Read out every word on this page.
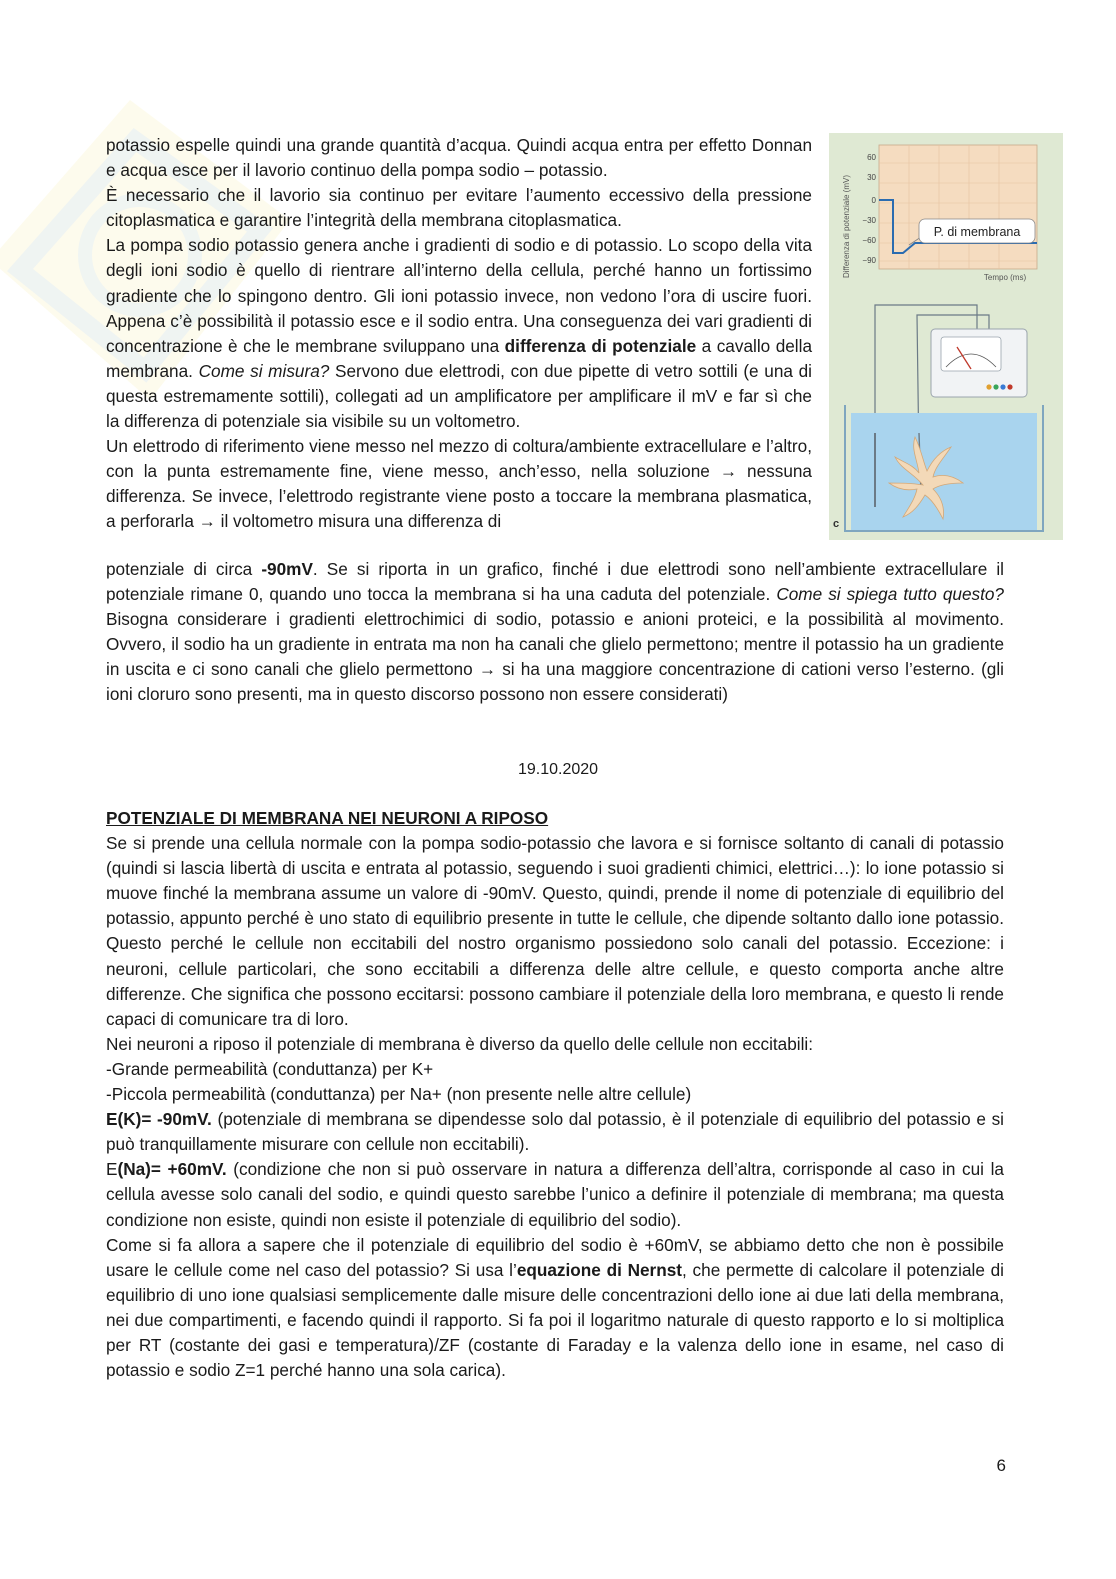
potassio espelle quindi una grande quantità d’acqua. Quindi acqua entra per effetto Donnan e acqua esce per il lavorio continuo della pompa sodio – potassio.

È necessario che il lavorio sia continuo per evitare l’aumento eccessivo della pressione citoplasmatica e garantire l’integrità della membrana citoplasmatica.

La pompa sodio potassio genera anche i gradienti di sodio e di potassio. Lo scopo della vita degli ioni sodio è quello di rientrare all’interno della cellula, perché hanno un fortissimo gradiente che lo spingono dentro. Gli ioni potassio invece, non vedono l’ora di uscire fuori. Appena c’è possibilità il potassio esce e il sodio entra. Una conseguenza dei vari gradienti di concentrazione è che le membrane sviluppano una differenza di potenziale a cavallo della membrana. Come si misura? Servono due elettrodi, con due pipette di vetro sottili (e una di questa estremamente sottili), collegati ad un amplificatore per amplificare il mV e far sì che la differenza di potenziale sia visibile su un voltometro.

Un elettrodo di riferimento viene messo nel mezzo di coltura/ambiente extracellulare e l’altro, con la punta estremamente fine, viene messo, anch’esso, nella soluzione → nessuna differenza. Se invece, l’elettrodo registrante viene posto a toccare la membrana plasmatica, a perforarla → il voltometro misura una differenza di

potenziale di circa -90mV. Se si riporta in un grafico, finché i due elettrodi sono nell’ambiente extracellulare il potenziale rimane 0, quando uno tocca la membrana si ha una caduta del potenziale. Come si spiega tutto questo? Bisogna considerare i gradienti elettrochimici di sodio, potassio e anioni proteici, e la possibilità al movimento. Ovvero, il sodio ha un gradiente in entrata ma non ha canali che glielo permettono; mentre il potassio ha un gradiente in uscita e ci sono canali che glielo permettono → si ha una maggiore concentrazione di cationi verso l’esterno. (gli ioni cloruro sono presenti, ma in questo discorso possono non essere considerati)

19.10.2020

POTENZIALE DI MEMBRANA NEI NEURONI A RIPOSO

Se si prende una cellula normale con la pompa sodio-potassio che lavora e si fornisce soltanto di canali di potassio (quindi si lascia libertà di uscita e entrata al potassio, seguendo i suoi gradienti chimici, elettrici…): lo ione potassio si muove finché la membrana assume un valore di -90mV. Questo, quindi, prende il nome di potenziale di equilibrio del potassio, appunto perché è uno stato di equilibrio presente in tutte le cellule, che dipende soltanto dallo ione potassio. Questo perché le cellule non eccitabili del nostro organismo possiedono solo canali del potassio. Eccezione: i neuroni, cellule particolari, che sono eccitabili a differenza delle altre cellule, e questo comporta anche altre differenze. Che significa che possono eccitarsi: possono cambiare il potenziale della loro membrana, e questo li rende capaci di comunicare tra di loro.

Nei neuroni a riposo il potenziale di membrana è diverso da quello delle cellule non eccitabili:

-Grande permeabilità (conduttanza) per K+

-Piccola permeabilità (conduttanza) per Na+ (non presente nelle altre cellule)

E(K)= -90mV. (potenziale di membrana se dipendesse solo dal potassio, è il potenziale di equilibrio del potassio e si può tranquillamente misurare con cellule non eccitabili).

E(Na)= +60mV. (condizione che non si può osservare in natura a differenza dell’altra, corrisponde al caso in cui la cellula avesse solo canali del sodio, e quindi questo sarebbe l’unico a definire il potenziale di membrana; ma questa condizione non esiste, quindi non esiste il potenziale di equilibrio del sodio).

Come si fa allora a sapere che il potenziale di equilibrio del sodio è +60mV, se abbiamo detto che non è possibile usare le cellule come nel caso del potassio? Si usa l’equazione di Nernst, che permette di calcolare il potenziale di equilibrio di uno ione qualsiasi semplicemente dalle misure delle concentrazioni dello ione ai due lati della membrana, nei due compartimenti, e facendo quindi il rapporto. Si fa poi il logaritmo naturale di questo rapporto e lo si moltiplica per RT (costante dei gasi e temperatura)/ZF (costante di Faraday e la valenza dello ione in esame, nel caso di potassio e sodio Z=1 perché hanno una sola carica).

6
Differenza di potenziale (mV)
60
30
0
−30
−60
−90
P. di membrana
Tempo (ms)
c
